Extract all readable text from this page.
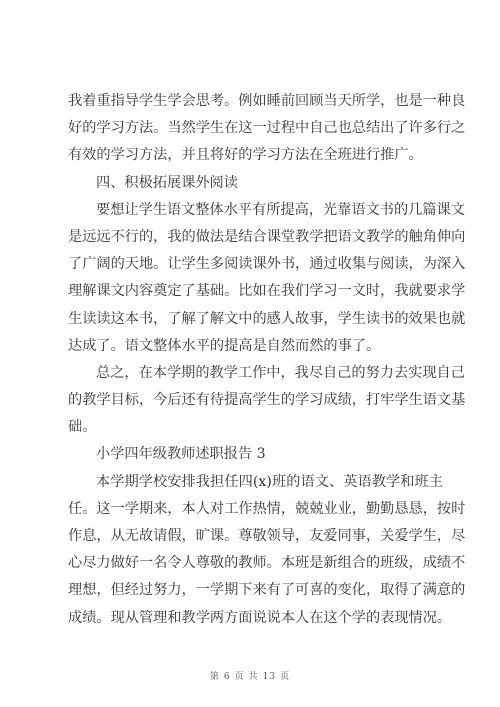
我着重指导学生学会思考。例如睡前回顾当天所学，也是一种良
好的学习方法。当然学生在这一过程中自己也总结出了许多行之
有效的学习方法，并且将好的学习方法在全班进行推广。
四、积极拓展课外阅读
要想让学生语文整体水平有所提高，光靠语文书的几篇课文
是远远不行的，我的做法是结合课堂教学把语文教学的触角伸向
了广阔的天地。让学生多阅读课外书，通过收集与阅读，为深入
理解课文内容奠定了基础。比如在我们学习一文时，我就要求学
生读读这本书，了解了解文中的感人故事，学生读书的效果也就
达成了。语文整体水平的提高是自然而然的事了。
总之，在本学期的教学工作中，我尽自己的努力去实现自己
的教学目标，今后还有待提高学生的学习成绩，打牢学生语文基
础。
小学四年级教师述职报告 3
本学期学校安排我担任四(x)班的语文、英语教学和班主
任。这一学期来，本人对工作热情，兢兢业业，勤勤恳恳，按时
作息，从无故请假，旷课。尊敬领导，友爱同事，关爱学生，尽
心尽力做好一名令人尊敬的教师。本班是新组合的班级，成绩不
理想，但经过努力，一学期下来有了可喜的变化，取得了满意的
成绩。现从管理和教学两方面说说本人在这个学的表现情况。
第 6 页 共 13 页
